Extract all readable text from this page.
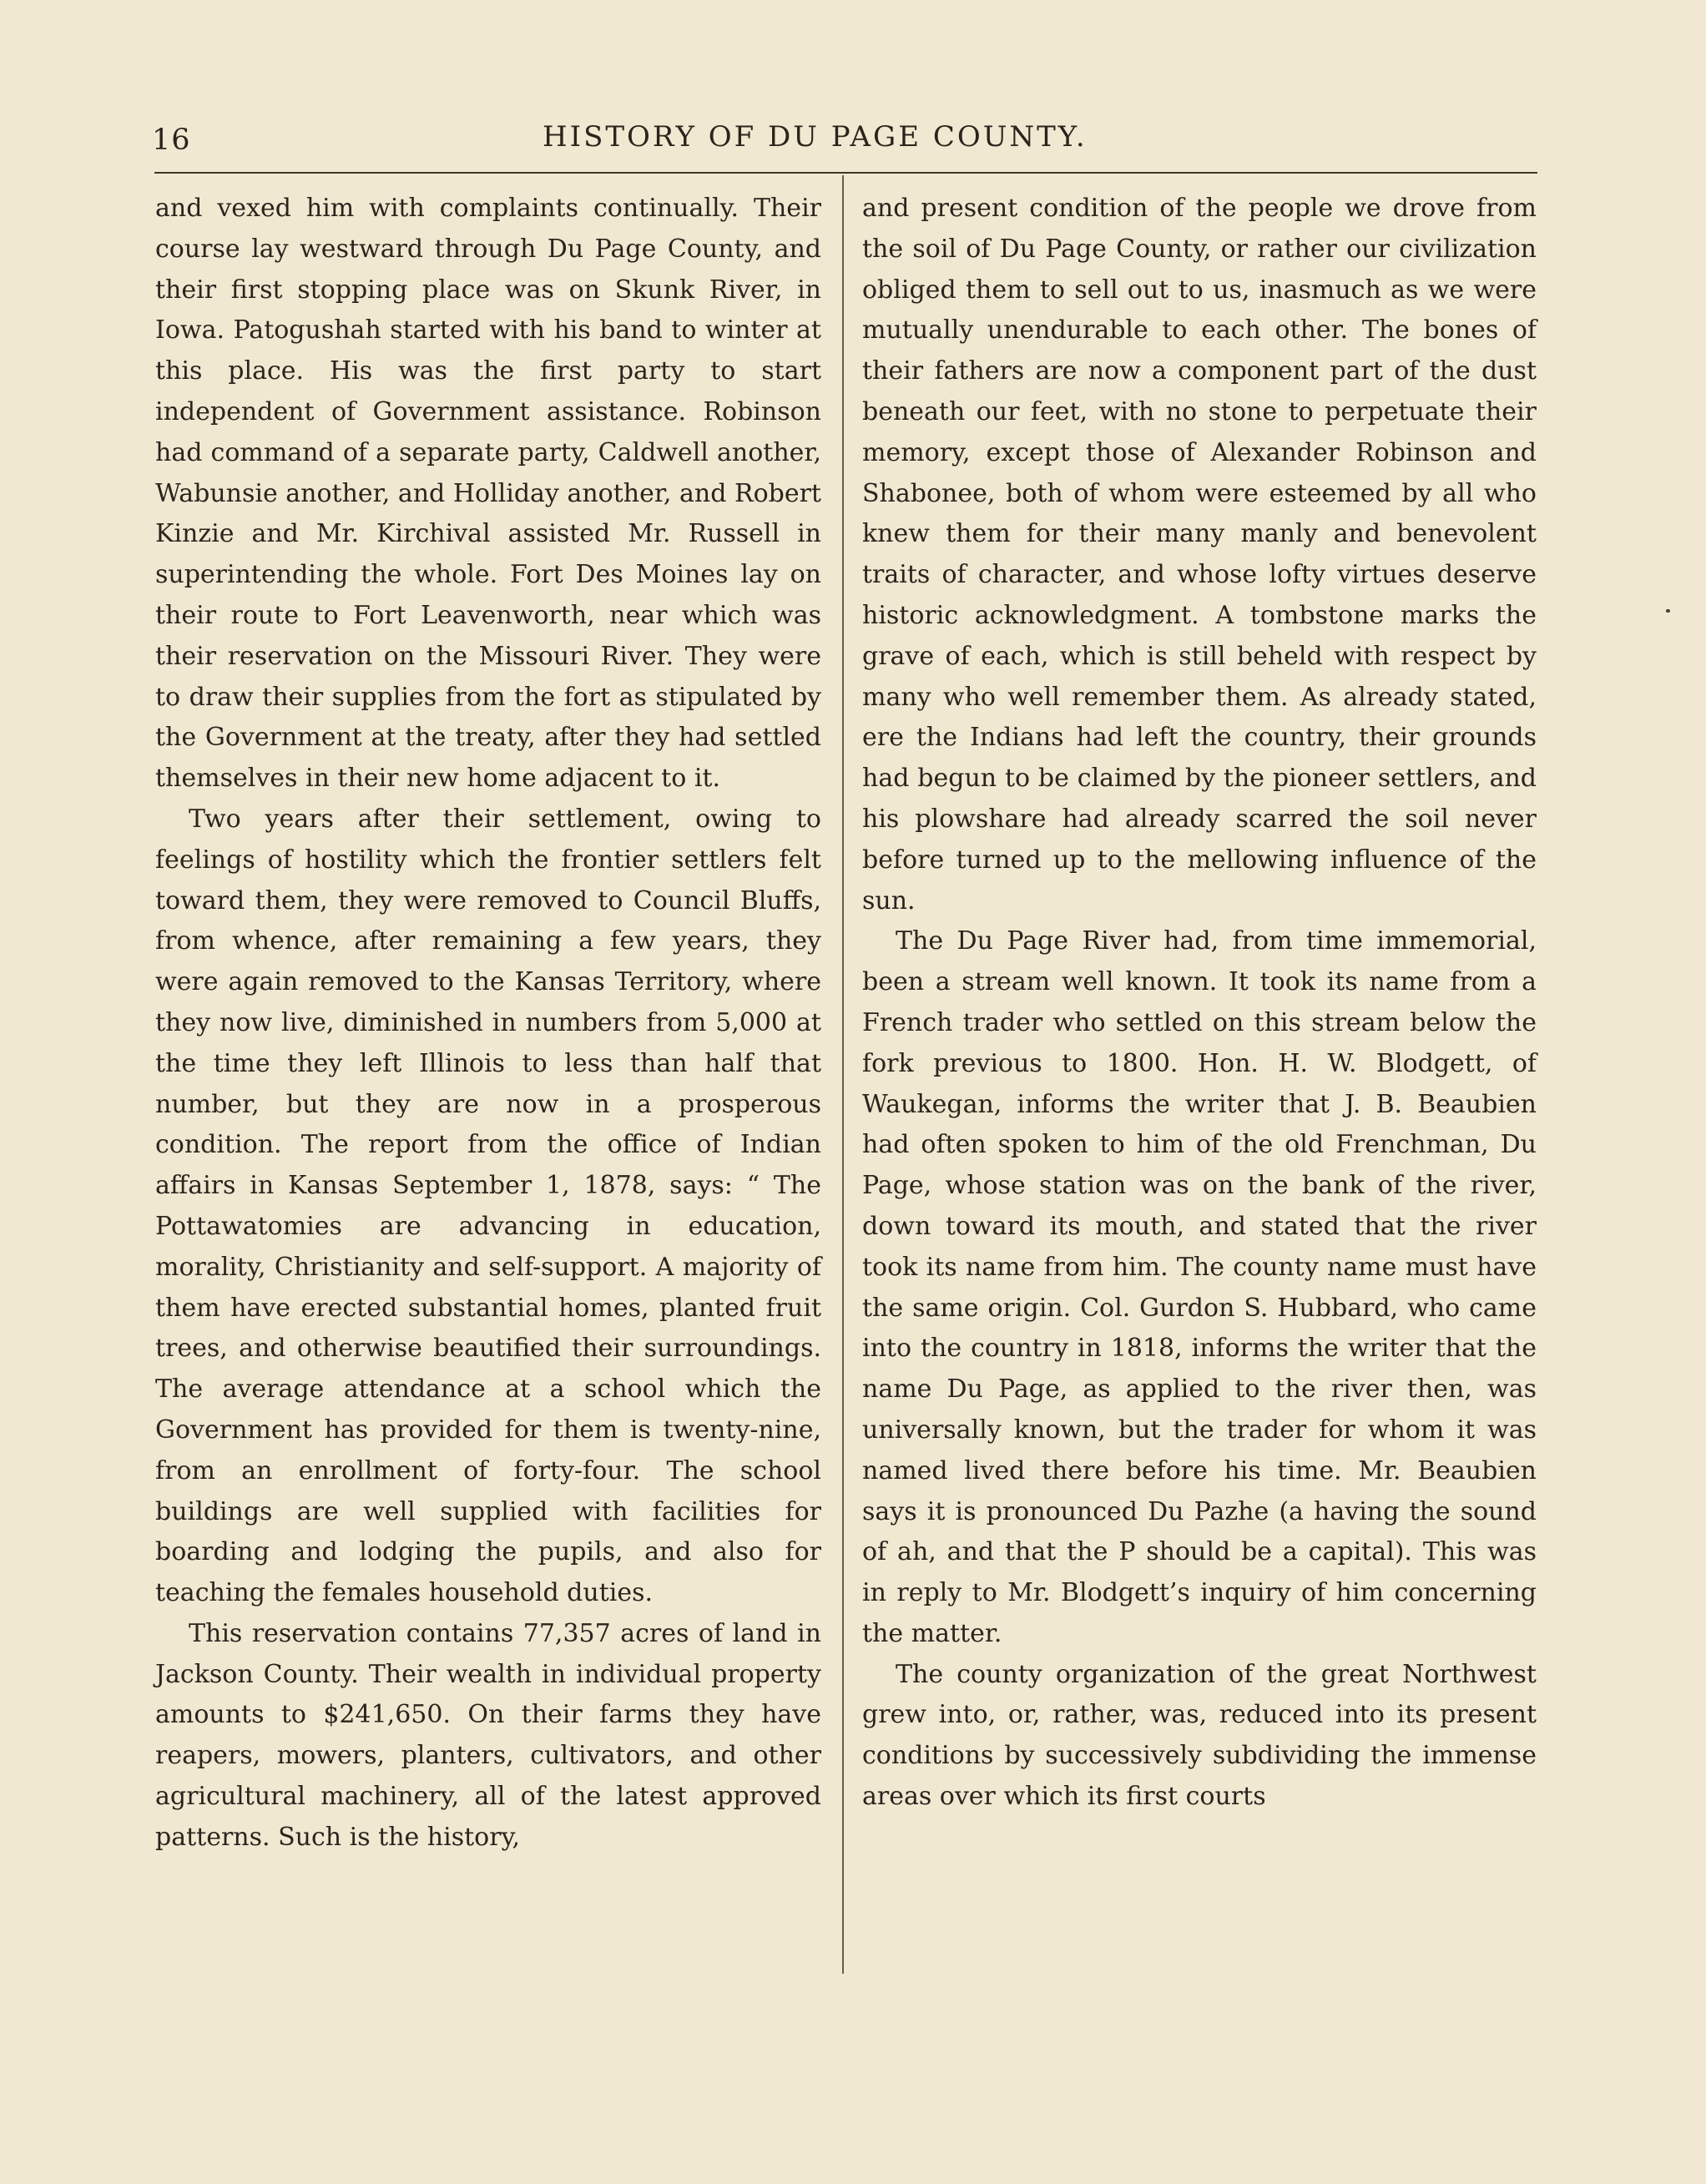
16	HISTORY OF DU PAGE COUNTY.

and vexed him with complaints continually. Their course lay westward through Du Page County, and their first stopping place was on Skunk River, in Iowa. Patogushah started with his band to winter at this place. His was the first party to start independent of Government assistance. Robinson had command of a separate party, Caldwell another, Wabunsie another, and Holliday another, and Robert Kinzie and Mr. Kirchival assisted Mr. Russell in superintending the whole. Fort Des Moines lay on their route to Fort Leavenworth, near which was their reservation on the Missouri River. They were to draw their supplies from the fort as stipulated by the Government at the treaty, after they had settled themselves in their new home adjacent to it.

Two years after their settlement, owing to feelings of hostility which the frontier settlers felt toward them, they were removed to Council Bluffs, from whence, after remaining a few years, they were again removed to the Kansas Territory, where they now live, diminished in numbers from 5,000 at the time they left Illinois to less than half that number, but they are now in a prosperous condition. The report from the office of Indian affairs in Kansas September 1, 1878, says: “ The Pottawatomies are advancing in education, morality, Christianity and self-support. A majority of them have erected substantial homes, planted fruit trees, and otherwise beautified their surroundings. The average attendance at a school which the Government has provided for them is twenty-nine, from an enrollment of forty-four. The school buildings are well supplied with facilities for boarding and lodging the pupils, and also for teaching the females household duties.

This reservation contains 77,357 acres of land in Jackson County. Their wealth in individual property amounts to $241,650. On their farms they have reapers, mowers, planters, cultivators, and other agricultural machinery, all of the latest approved patterns. Such is the history,

and present condition of the people we drove from the soil of Du Page County, or rather our civilization obliged them to sell out to us, inasmuch as we were mutually unendurable to each other. The bones of their fathers are now a component part of the dust beneath our feet, with no stone to perpetuate their memory, except those of Alexander Robinson and Shabonee, both of whom were esteemed by all who knew them for their many manly and benevolent traits of character, and whose lofty virtues deserve historic acknowledgment. A tombstone marks the grave of each, which is still beheld with respect by many who well remember them. As already stated, ere the Indians had left the country, their grounds had begun to be claimed by the pioneer settlers, and his plowshare had already scarred the soil never before turned up to the mellowing influence of the sun.

The Du Page River had, from time immemorial, been a stream well known. It took its name from a French trader who settled on this stream below the fork previous to 1800. Hon. H. W. Blodgett, of Waukegan, informs the writer that J. B. Beaubien had often spoken to him of the old Frenchman, Du Page, whose station was on the bank of the river, down toward its mouth, and stated that the river took its name from him. The county name must have the same origin. Col. Gurdon S. Hubbard, who came into the country in 1818, informs the writer that the name Du Page, as applied to the river then, was universally known, but the trader for whom it was named lived there before his time. Mr. Beaubien says it is pronounced Du Pazhe (a having the sound of ah, and that the P should be a capital). This was in reply to Mr. Blodgett’s inquiry of him concerning the matter.

The county organization of the great Northwest grew into, or, rather, was, reduced into its present conditions by successively subdividing the immense areas over which its first courts
